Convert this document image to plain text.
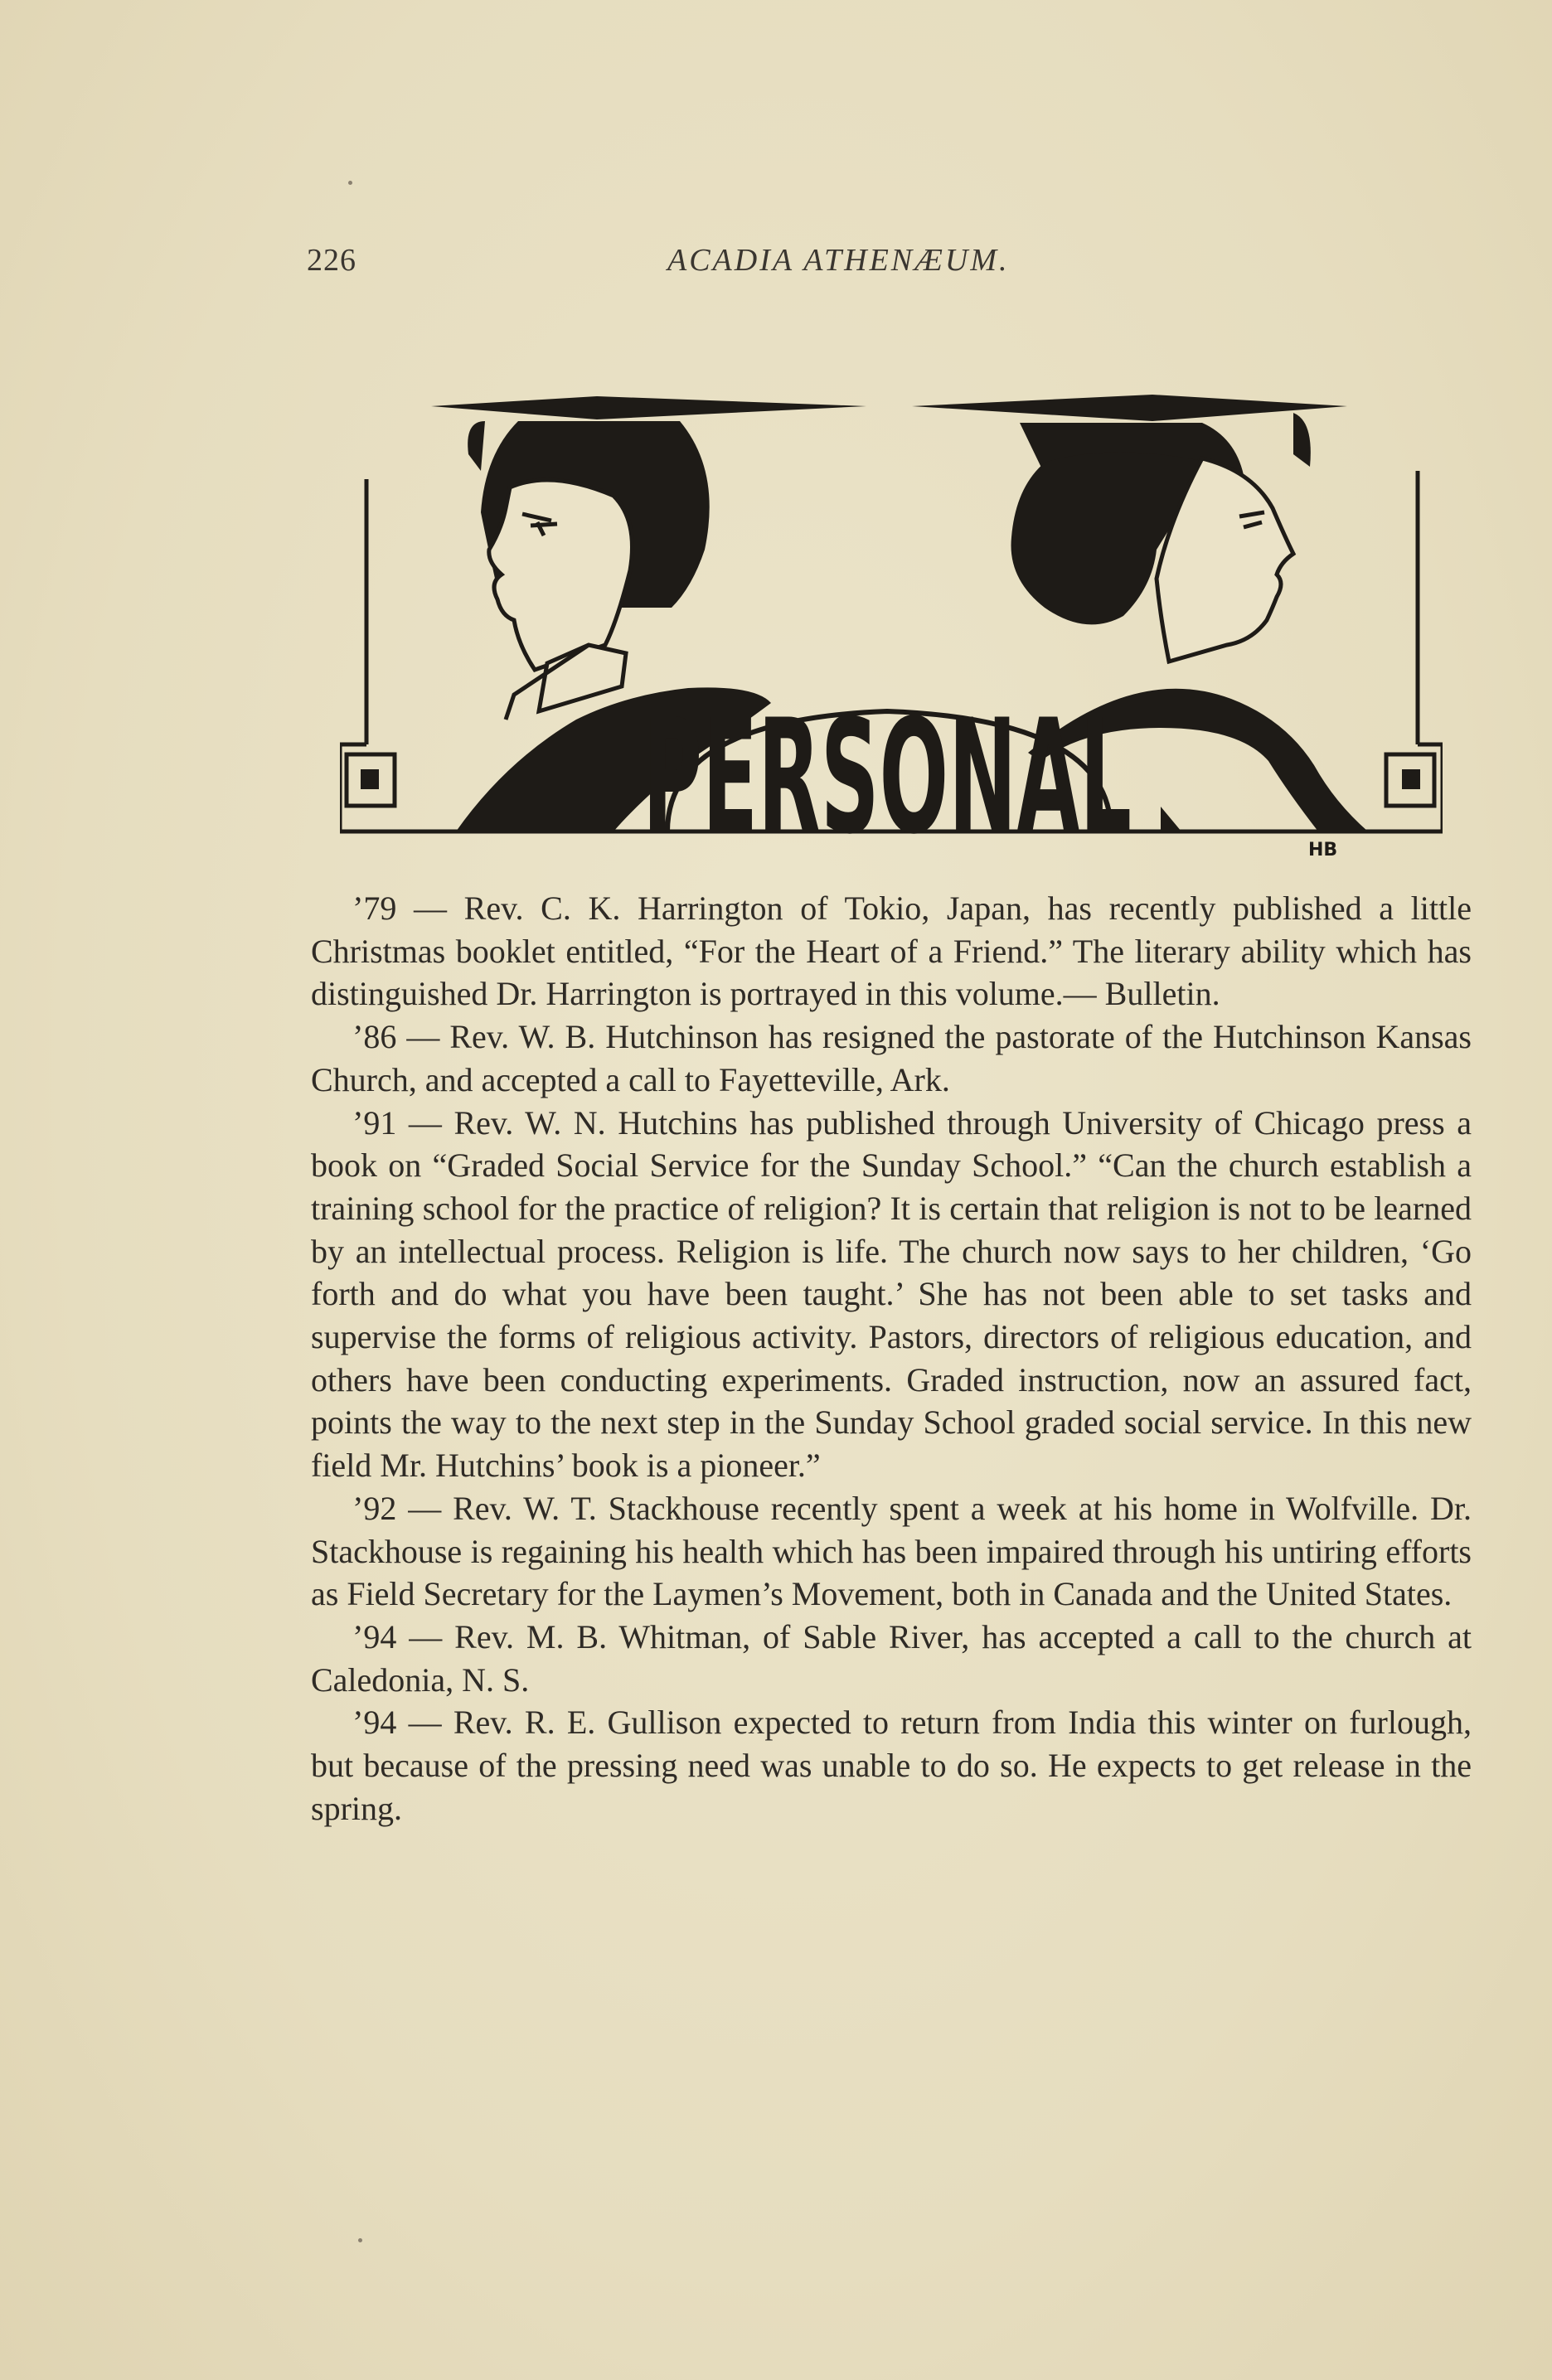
226	ACADIA ATHENÆUM.
PERSONAL	HB

’79 — Rev. C. K. Harrington of Tokio, Japan, has recently published a little Christmas booklet entitled, “For the Heart of a Friend.” The literary ability which has distinguished Dr. Harrington is portrayed in this volume.— Bulletin.

’86 — Rev. W. B. Hutchinson has resigned the pastorate of the Hutchinson Kansas Church, and accepted a call to Fayetteville, Ark.

’91 — Rev. W. N. Hutchins has published through University of Chicago press a book on “Graded Social Service for the Sunday School.” “Can the church establish a training school for the practice of religion? It is certain that religion is not to be learned by an intellectual process. Religion is life. The church now says to her children, ‘Go forth and do what you have been taught.’ She has not been able to set tasks and supervise the forms of religious activity. Pastors, directors of religious education, and others have been conducting experiments. Graded instruction, now an assured fact, points the way to the next step in the Sunday School graded social service. In this new field Mr. Hutchins’ book is a pioneer.”

’92 — Rev. W. T. Stackhouse recently spent a week at his home in Wolfville. Dr. Stackhouse is regaining his health which has been impaired through his untiring efforts as Field Secretary for the Laymen’s Movement, both in Canada and the United States.

’94 — Rev. M. B. Whitman, of Sable River, has accepted a call to the church at Caledonia, N. S.

’94 — Rev. R. E. Gullison expected to return from India this winter on furlough, but because of the pressing need was unable to do so. He expects to get release in the spring.
